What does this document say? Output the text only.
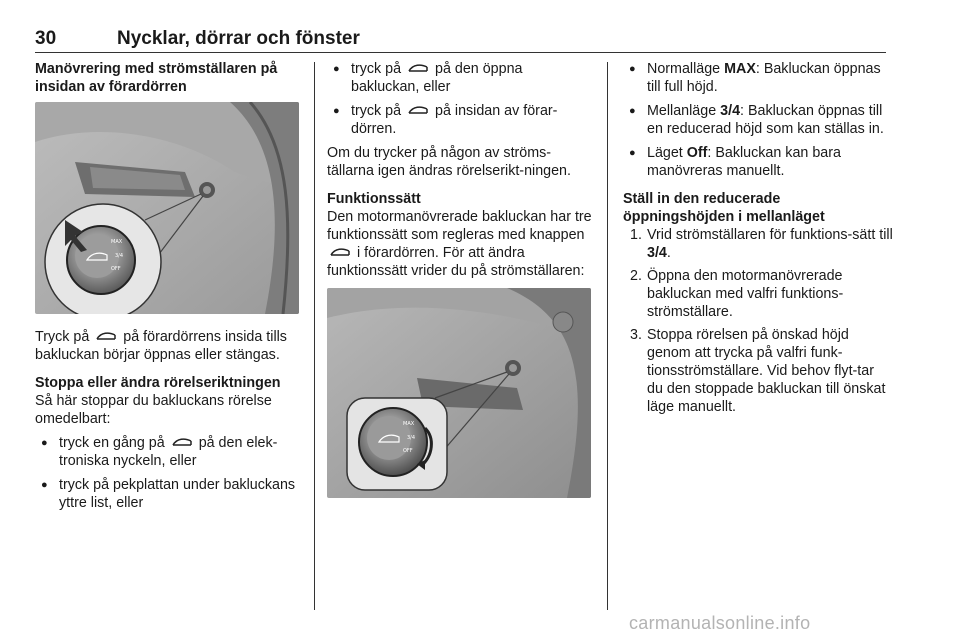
30	Nycklar, dörrar och fönster

Manövrering med strömställaren på insidan av förardörren

MAX
3/4
OFF

Tryck på på förardörrens insida tills bakluckan börjar öppnas eller stängas.

Stoppa eller ändra rörelseriktningen

Så här stoppar du bakluckans rörelse omedelbart:

● tryck en gång på på den elek-troniska nyckeln, eller
● tryck på pekplattan under bakluckans yttre list, eller
● tryck på på den öppna bakluckan, eller
● tryck på på insidan av förar-dörren.

Om du trycker på någon av ströms-tällarna igen ändras rörelserikt-ningen.

Funktionssätt

Den motormanövrerade bakluckan har tre funktionssätt som regleras med knappen  i förardörren. För att ändra funktionssätt vrider du på strömställaren:

MAX
3/4
OFF
● Normalläge MAX: Bakluckan öppnas till full höjd.
● Mellanläge 3/4: Bakluckan öppnas till en reducerad höjd som kan ställas in.
● Läget Off: Bakluckan kan bara manövreras manuellt.

Ställ in den reducerade öppningshöjden i mellanläget

1. Vrid strömställaren för funktions-sätt till 3/4.
2. Öppna den motormanövrerade bakluckan med valfri funktions-strömställare.
3. Stoppa rörelsen på önskad höjd genom att trycka på valfri funk-tionsströmställare. Vid behov flyt-tar du den stoppade bakluckan till önskat läge manuellt.
carmanualsonline.info
